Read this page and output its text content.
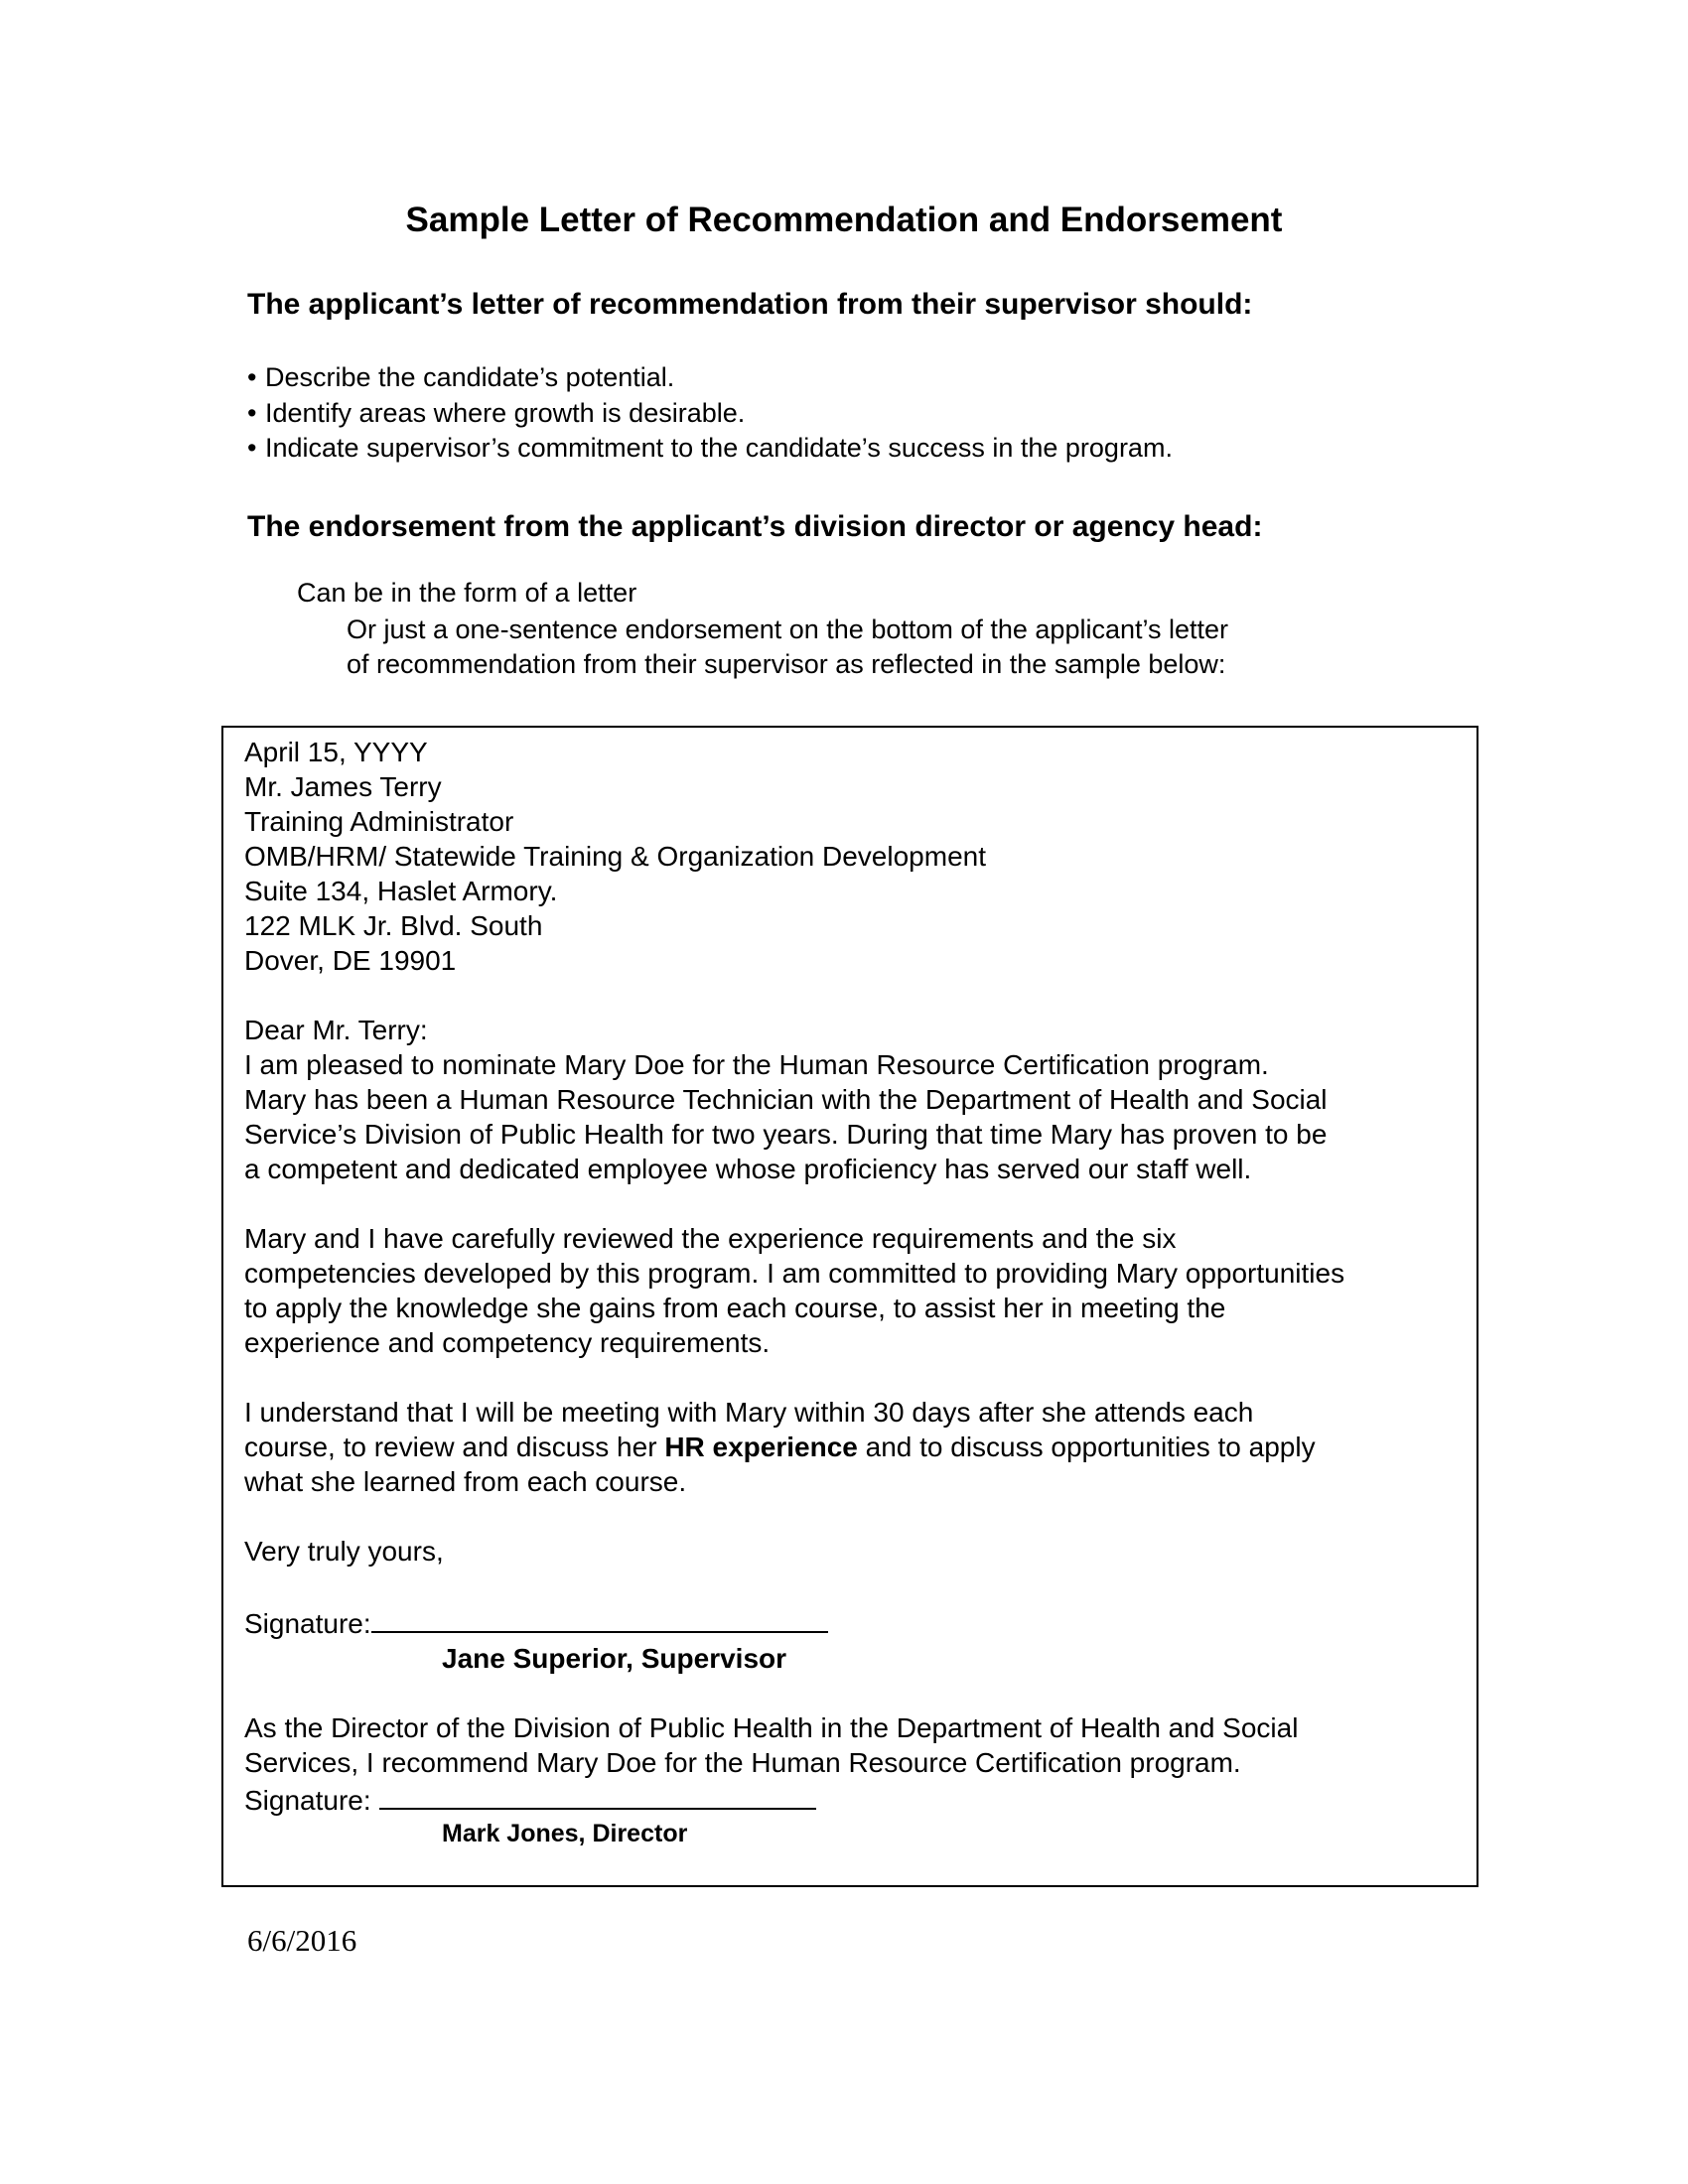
Sample Letter of Recommendation and Endorsement
The applicant’s letter of recommendation from their supervisor should:
• Describe the candidate’s potential.
• Identify areas where growth is desirable.
• Indicate supervisor’s commitment to the candidate’s success in the program.
The endorsement from the applicant’s division director or agency head:
Can be in the form of a letter
Or just a one-sentence endorsement on the bottom of the applicant’s letter
of recommendation from their supervisor as reflected in the sample below:
April 15, YYYY
Mr. James Terry
Training Administrator
OMB/HRM/ Statewide Training & Organization Development
Suite 134, Haslet Armory.
122 MLK Jr. Blvd. South
Dover, DE 19901
Dear Mr. Terry:
I am pleased to nominate Mary Doe for the Human Resource Certification program.
Mary has been a Human Resource Technician with the Department of Health and Social
Service’s Division of Public Health for two years. During that time Mary has proven to be
a competent and dedicated employee whose proficiency has served our staff well.
Mary and I have carefully reviewed the experience requirements and the six
competencies developed by this program. I am committed to providing Mary opportunities
to apply the knowledge she gains from each course, to assist her in meeting the
experience and competency requirements.
I understand that I will be meeting with Mary within 30 days after she attends each
course, to review and discuss her HR experience and to discuss opportunities to apply
what she learned from each course.
Very truly yours,
Signature:
Jane Superior, Supervisor
As the Director of the Division of Public Health in the Department of Health and Social
Services, I recommend Mary Doe for the Human Resource Certification program.
Signature:
Mark Jones, Director
6/6/2016
